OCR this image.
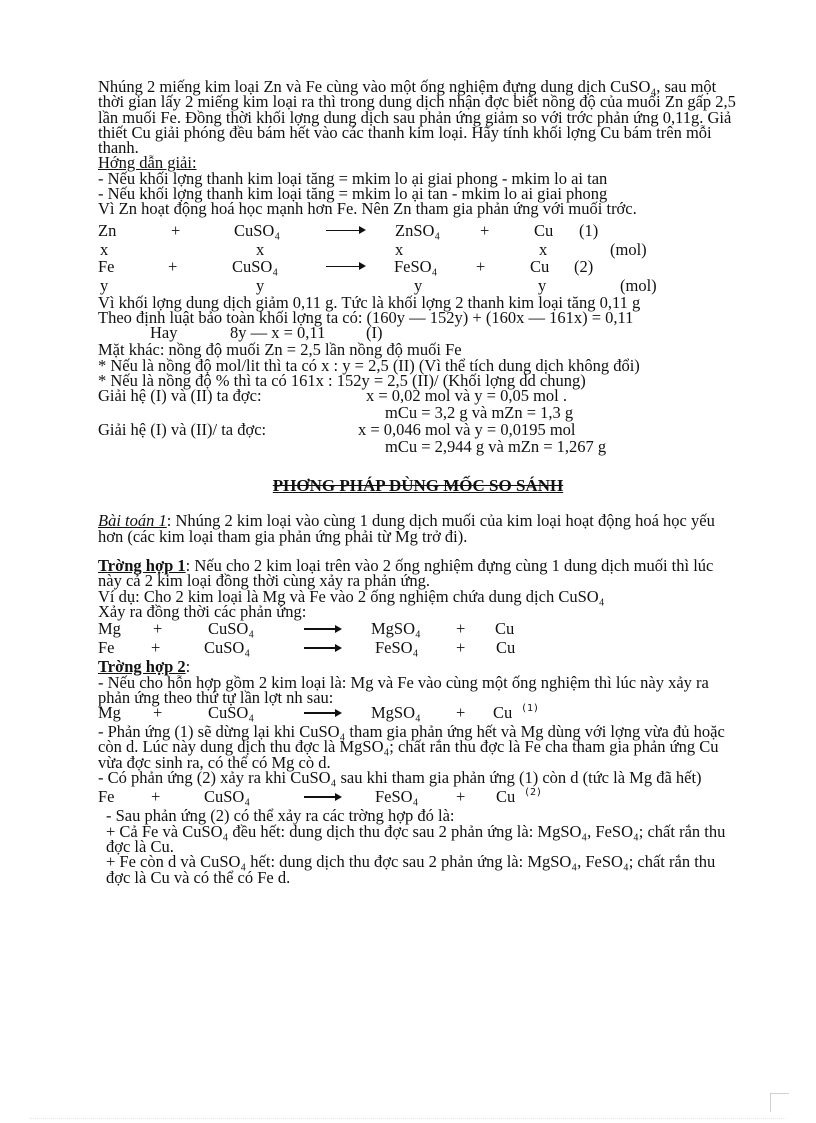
Nhúng 2 miếng kim loại Zn và Fe cùng vào một ống nghiệm đựng dung dịch CuSO₄, sau một thời gian lấy 2 miếng kim loại ra thì trong dung dịch nhận đợc biết nồng độ của muối Zn gấp 2,5 lần muối Fe. Đồng thời khối lợng dung dịch sau phản ứng giảm so với trớc phản ứng 0,11g. Giả thiết Cu giải phóng đều bám hết vào các thanh kim loại. Hãy tính khối lợng Cu bám trên mỗi thanh.

Hớng dẫn giải:

- Nếu khối lợng thanh kim loại tăng = mkim lo ại giai phong - mkim lo ai tan

- Nếu khối lợng thanh kim loại tăng = mkim lo ại tan - mkim lo ai giai phong

Vì Zn hoạt động hoá học mạnh hơn Fe. Nên Zn tham gia phản ứng với muối trớc.

Zn	+	CuSO₄	ZnSO₄ +	Cu (1)
x	x	x	x	(mol)
Fe	+	CuSO₄	FeSO₄ +	Cu (2)
y	y	y	y	(mol)

Vì khối lợng dung dịch giảm 0,11 g. Tức là khối lợng 2 thanh kim loại tăng 0,11 g

Theo định luật bảo toàn khối lợng ta có: (160y — 152y) + (160x — 161x) = 0,11

Hay	8y — x = 0,11 (I)

Mặt khác: nồng độ muối Zn = 2,5 lần nồng độ muối Fe

* Nếu là nồng độ mol/lit thì ta có x : y = 2,5 (II) (Vì thể tích dung dịch không đổi)

* Nếu là nồng độ % thì ta có 161x : 152y = 2,5 (II)/ (Khối lợng dd chung)

Giải hệ (I) và (II) ta đợc:	x = 0,02 mol và y = 0,05 mol .
mCu = 3,2 g và mZn = 1,3 g
Giải hệ (I) và (II)/ ta đợc:	x = 0,046 mol và y = 0,0195 mol
mCu = 2,944 g và mZn = 1,267 g

PHƠNG PHÁP DÙNG MỐC SO SÁNH

Bài toán 1: Nhúng 2 kim loại vào cùng 1 dung dịch muối của kim loại hoạt động hoá học yếu hơn (các kim loại tham gia phản ứng phải từ Mg trở đi).

Trờng hợp 1: Nếu cho 2 kim loại trên vào 2 ống nghiệm đựng cùng 1 dung dịch muối thì lúc này cả 2 kim loại đồng thời cùng xảy ra phản ứng.

Ví dụ: Cho 2 kim loại là Mg và Fe vào 2 ống nghiệm chứa dung dịch CuSO₄

Xảy ra đồng thời các phản ứng:

Mg +	CuSO₄	MgSO₄ + Cu
Fe +	CuSO₄	FeSO₄ + Cu

Trờng hợp 2:

- Nếu cho hỗn hợp gồm 2 kim loại là: Mg và Fe vào cùng một ống nghiệm thì lúc này xảy ra phản ứng theo thứ tự lần lợt nh sau:

Mg +	CuSO₄	MgSO₄ + Cu (1)

- Phản ứng (1) sẽ dừng lại khi CuSO₄ tham gia phản ứng hết và Mg dùng với lợng vừa đủ hoặc còn d. Lúc này dung dịch thu đợc là MgSO₄; chất rắn thu đợc là Fe cha tham gia phản ứng Cu vừa đợc sinh ra, có thể có Mg cò d.

- Có phản ứng (2) xảy ra khi CuSO₄ sau khi tham gia phản ứng (1) còn d (tức là Mg đã hết)

Fe +	CuSO₄	FeSO₄ + Cu (2)

- Sau phản ứng (2) có thể xảy ra các trờng hợp đó là:

+ Cả Fe và CuSO₄ đều hết: dung dịch thu đợc sau 2 phản ứng là: MgSO₄, FeSO₄; chất rắn thu đợc là Cu.

+ Fe còn d và CuSO₄ hết: dung dịch thu đợc sau 2 phản ứng là: MgSO₄, FeSO₄; chất rắn thu đợc là Cu và có thể có Fe d.
